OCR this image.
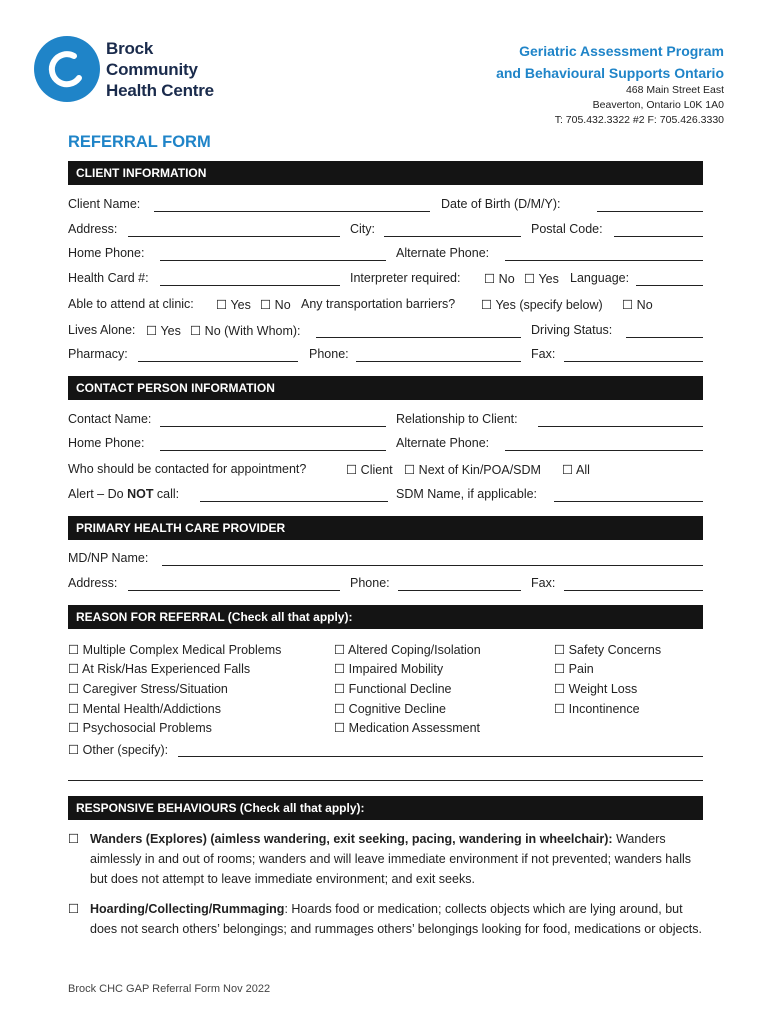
Brock
Community
Health Centre
Geriatric Assessment Program
and Behavioural Supports Ontario
468 Main Street East
Beaverton, Ontario L0K 1A0
T: 705.432.3322 #2 F: 705.426.3330
REFERRAL FORM
CLIENT INFORMATION
Client Name:	Date of Birth (D/M/Y):
Address:	City:	Postal Code:
Home Phone:	Alternate Phone:
Health Card #:	Interpreter required: ☐ No ☐ Yes Language:
Able to attend at clinic: ☐ Yes ☐ No Any transportation barriers? ☐ Yes (specify below) ☐ No
Lives Alone: ☐ Yes ☐ No (With Whom):	Driving Status:
Pharmacy:	Phone:	Fax:
CONTACT PERSON INFORMATION
Contact Name:	Relationship to Client:
Home Phone:	Alternate Phone:
Who should be contacted for appointment?	☐ Client ☐ Next of Kin/POA/SDM ☐ All
Alert – Do NOT call:	SDM Name, if applicable:
PRIMARY HEALTH CARE PROVIDER
MD/NP Name:
Address:	Phone:	Fax:
REASON FOR REFERRAL (Check all that apply):
☐ Multiple Complex Medical Problems
☐ At Risk/Has Experienced Falls
☐ Caregiver Stress/Situation
☐ Mental Health/Addictions
☐ Psychosocial Problems
☐ Altered Coping/Isolation
☐ Impaired Mobility
☐ Functional Decline
☐ Cognitive Decline
☐ Medication Assessment
☐ Safety Concerns
☐ Pain
☐ Weight Loss
☐ Incontinence
☐ Other (specify):
RESPONSIVE BEHAVIOURS (Check all that apply):
☐ Wanders (Explores) (aimless wandering, exit seeking, pacing, wandering in wheelchair): Wanders aimlessly in and out of rooms; wanders and will leave immediate environment if not prevented; wanders halls but does not attempt to leave immediate environment; and exit seeks.
☐ Hoarding/Collecting/Rummaging: Hoards food or medication; collects objects which are lying around, but does not search others’ belongings; and rummages others’ belongings looking for food, medications or objects.
Brock CHC GAP Referral Form Nov 2022
